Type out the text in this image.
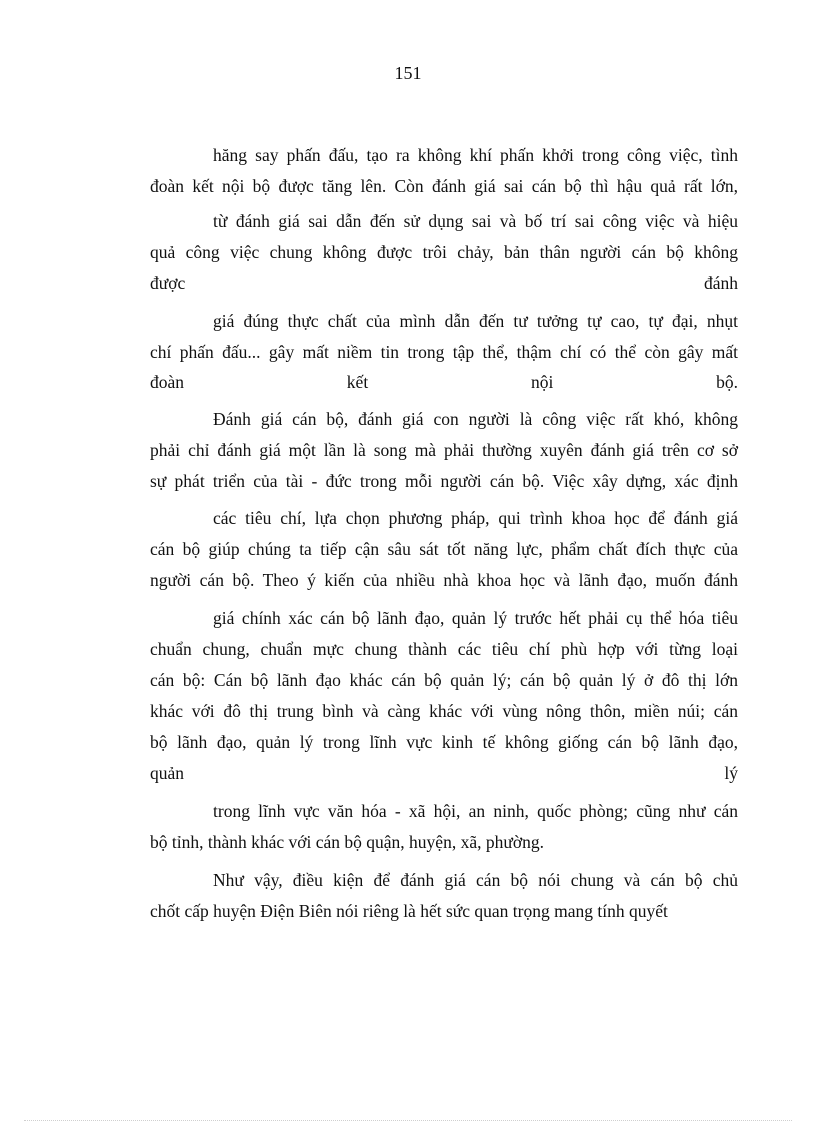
151
hăng say phấn đấu, tạo ra không khí phấn khởi trong công việc, tình
đoàn kết nội bộ được tăng lên. Còn đánh giá sai cán bộ thì hậu quả rất lớn,
từ đánh giá sai dẫn đến sử dụng sai và bố trí sai công việc và hiệu
quả công việc chung không được trôi chảy, bản thân người cán bộ không
được đánh
giá đúng thực chất của mình dẫn đến tư tưởng tự cao, tự đại, nhụt
chí phấn đấu... gây mất niềm tin trong tập thể, thậm chí có thể còn gây mất
đoàn kết nội bộ.
Đánh giá cán bộ, đánh giá con người là công việc rất khó, không
phải chỉ đánh giá một lần là song mà phải thường xuyên đánh giá trên cơ sở
sự phát triển của tài - đức trong mỗi người cán bộ. Việc xây dựng, xác định
các tiêu chí, lựa chọn phương pháp, qui trình khoa học để đánh giá
cán bộ giúp chúng ta tiếp cận sâu sát tốt năng lực, phẩm chất đích thực của
người cán bộ. Theo ý kiến của nhiều nhà khoa học và lãnh đạo, muốn đánh
giá chính xác cán bộ lãnh đạo, quản lý trước hết phải cụ thể hóa tiêu
chuẩn chung, chuẩn mực chung thành các tiêu chí phù hợp với từng loại
cán bộ: Cán bộ lãnh đạo khác cán bộ quản lý; cán bộ quản lý ở đô thị lớn
khác với đô thị trung bình và càng khác với vùng nông thôn, miền núi; cán
bộ lãnh đạo, quản lý trong lĩnh vực kinh tế không giống cán bộ lãnh đạo,
quản lý
trong lĩnh vực văn hóa - xã hội, an ninh, quốc phòng; cũng như cán
bộ tỉnh, thành khác với cán bộ quận, huyện, xã, phường.
Như vậy, điều kiện để đánh giá cán bộ nói chung và cán bộ chủ
chốt cấp huyện Điện Biên nói riêng là hết sức quan trọng mang tính quyết
